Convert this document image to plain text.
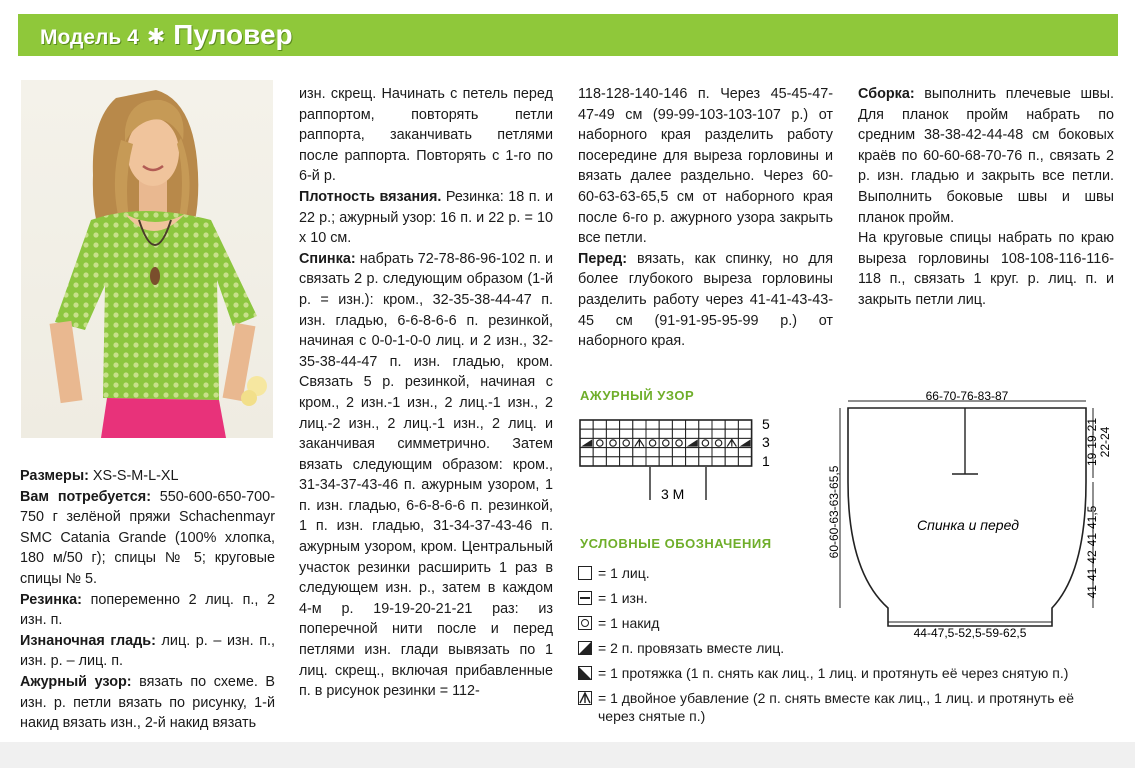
Модель 4 ✱ Пуловер

Размеры: XS-S-M-L-XL

Вам потребуется: 550-600-650-700-750 г зелёной пряжи Schachenmayr SMC Catania Grande (100% хлопка, 180 м/50 г); спицы № 5; круговые спицы № 5.

Резинка: попеременно 2 лиц. п., 2 изн. п.

Изнаночная гладь: лиц. р. – изн. п., изн. р. – лиц. п.

Ажурный узор: вязать по схеме. В изн. р. петли вязать по рисунку, 1-й накид вязать изн., 2-й накид вязать

изн. скрещ. Начинать с петель перед раппортом, повторять петли раппорта, заканчивать петлями после раппорта. Повторять с 1-го по 6-й р.

Плотность вязания. Резинка: 18 п. и 22 р.; ажурный узор: 16 п. и 22 р. = 10 х 10 см.

Спинка: набрать 72-78-86-96-102 п. и связать 2 р. следующим образом (1-й р. = изн.): кром., 32-35-38-44-47 п. изн. гладью, 6-6-8-6-6 п. резинкой, начиная с 0-0-1-0-0 лиц. и 2 изн., 32-35-38-44-47 п. изн. гладью, кром. Связать 5 р. резинкой, начиная с кром., 2 изн.-1 изн., 2 лиц.-1 изн., 2 лиц.-2 изн., 2 лиц.-1 изн., 2 лиц. и заканчивая симметрично. Затем вязать следующим образом: кром., 31-34-37-43-46 п. ажурным узором, 1 п. изн. гладью, 6-6-8-6-6 п. резинкой, 1 п. изн. гладью, 31-34-37-43-46 п. ажурным узором, кром. Центральный участок резинки расширить 1 раз в следующем изн. р., затем в каждом 4-м р. 19-19-20-21-21 раз: из поперечной нити после и перед петлями изн. глади вывязать по 1 лиц. скрещ., включая прибавленные п. в рисунок резинки = 112-

118-128-140-146 п. Через 45-45-47-47-49 см (99-99-103-103-107 р.) от наборного края разделить работу посередине для выреза горловины и вязать далее раздельно. Через 60-60-63-63-65,5 см от наборного края после 6-го р. ажурного узора закрыть все петли.

Перед: вязать, как спинку, но для более глубокого выреза горловины разделить работу через 41-41-43-43-45 см (91-91-95-95-99 р.) от наборного края.

Сборка: выполнить плечевые швы. Для планок пройм набрать по средним 38-38-42-44-48 см боковых краёв по 60-60-68-70-76 п., связать 2 р. изн. гладью и закрыть все петли. Выполнить боковые швы и швы планок пройм.

На круговые спицы набрать по краю выреза горловины 108-108-116-116-118 п., связать 1 круг. р. лиц. п. и закрыть петли лиц.

АЖУРНЫЙ УЗОР
5
3
1
3 М
УСЛОВНЫЕ ОБОЗНАЧЕНИЯ
= 1 лиц.
= 1 изн.
= 1 накид
= 2 п. провязать вместе лиц.
= 1 протяжка (1 п. снять как лиц., 1 лиц. и протянуть её через снятую п.)
= 1 двойное убавление (2 п. снять вместе как лиц., 1 лиц. и протянуть её через снятые п.)
66-70-76-83-87
44-47,5-52,5-59-62,5
60-60-63-63-65,5
19-19-21 22-24
41-41-42-41-41,5
Спинка и перед
